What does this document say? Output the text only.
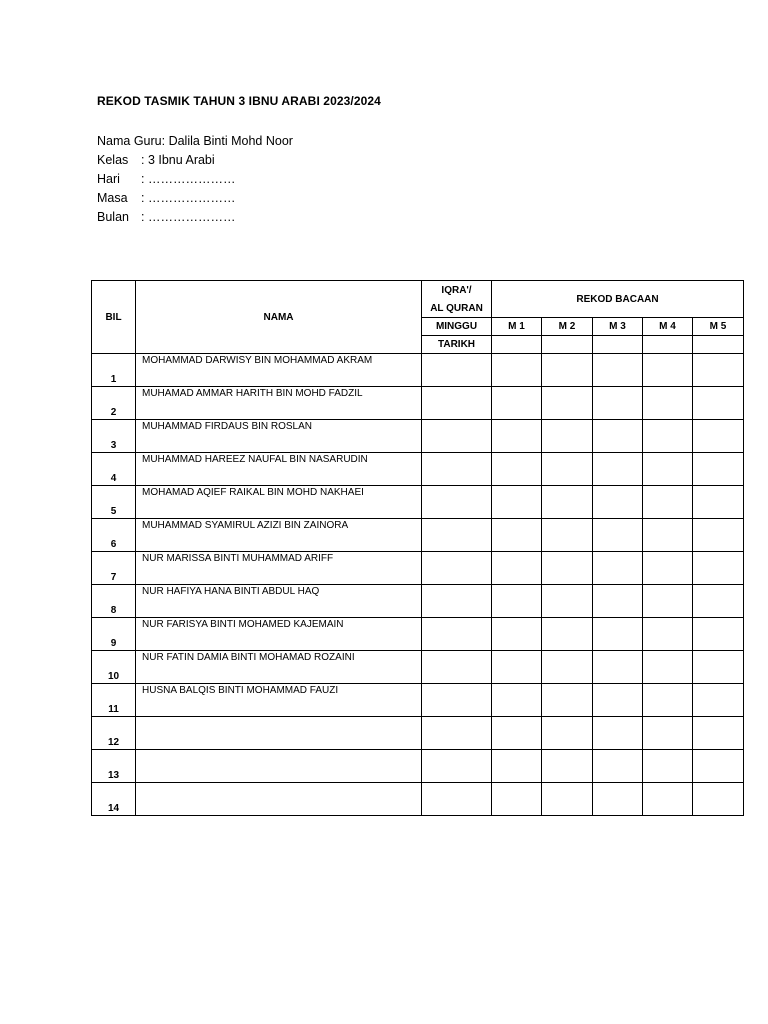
REKOD TASMIK TAHUN 3 IBNU ARABI 2023/2024
Nama Guru:
Dalila Binti Mohd Noor
Kelas	: 3 Ibnu Arabi
Hari	: …………………
Masa	: …………………
Bulan : …………………
BIL	NAMA	IQRA'/	REKOD BACAAN				
		AL QURAN					
		MINGGU	M 1	M 2	M 3	M 4	M 5
		TARIKH					
1	MOHAMMAD DARWISY BIN MOHAMMAD AKRAM						
2	MUHAMAD AMMAR HARITH BIN MOHD FADZIL						
3	MUHAMMAD FIRDAUS BIN ROSLAN						
4	MUHAMMAD HAREEZ NAUFAL BIN NASARUDIN						
5	MOHAMAD AQIEF RAIKAL BIN MOHD NAKHAEI						
6	MUHAMMAD SYAMIRUL AZIZI BIN ZAINORA						
7	NUR MARISSA BINTI MUHAMMAD ARIFF						
8	NUR HAFIYA HANA BINTI ABDUL HAQ						
9	NUR FARISYA BINTI MOHAMED KAJEMAIN						
10	NUR FATIN DAMIA BINTI MOHAMAD ROZAINI						
11	HUSNA BALQIS BINTI MOHAMMAD FAUZI						
12							
13							
14							
